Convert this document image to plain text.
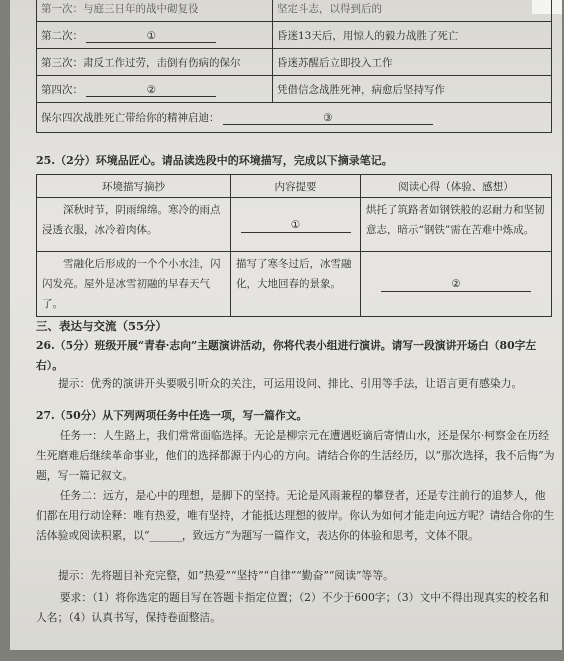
第一次：与庭三日年的战中砌复役	坚定斗志，以得到后的
第二次： ①	昏迷13天后，用惊人的毅力战胜了死亡
第三次：肃反工作过劳，击倒有伤病的保尔	昏迷苏醒后立即投入工作
第四次： ②	凭借信念战胜死神，病愈后坚持写作
保尔四次战胜死亡带给你的精神启迪： ③	
25.（2分）环境品匠心。请品读选段中的环境描写，完成以下摘录笔记。
环境描写摘抄	内容提要	阅读心得（体验、感想）
深秋时节，阴雨绵绵。寒冷的雨点浸透衣服，冰冷着肉体。	①	烘托了筑路者如钢铁般的忍耐力和坚韧意志，暗示“钢铁”需在苦难中炼成。
雪融化后形成的一个个小水洼，闪闪发亮。屋外是冰雪初融的早春天气了。	描写了寒冬过后，冰雪融化，大地回春的景象。	②
三、表达与交流（55分）
26.（5分）班级开展“青春·志向”主题演讲活动，你将代表小组进行演讲。请写一段演讲开场白（80字左右）。
提示：优秀的演讲开头要吸引听众的关注，可运用设问、排比、引用等手法，让语言更有感染力。
27.（50分）从下列两项任务中任选一项，写一篇作文。
任务一：人生路上，我们常常面临选择。无论是柳宗元在遭遇贬谪后寄情山水，还是保尔·柯察金在历经生死磨难后继续革命事业，他们的选择都源于内心的方向。请结合你的生活经历，以“那次选择，我不后悔”为题，写一篇记叙文。
任务二：远方，是心中的理想，是脚下的坚持。无论是风雨兼程的攀登者，还是专注前行的追梦人，他们都在用行动诠释：唯有热爱，唯有坚持，才能抵达理想的彼岸。你认为如何才能走向远方呢？请结合你的生活体验或阅读积累，以“______，致远方”为题写一篇作文，表达你的体验和思考，文体不限。
提示：先将题目补充完整，如“热爱”“坚持”“自律”“勤奋”“阅读”等等。
要求：（1）将你选定的题目写在答题卡指定位置；（2）不少于600字；（3）文中不得出现真实的校名和人名；（4）认真书写，保持卷面整洁。
